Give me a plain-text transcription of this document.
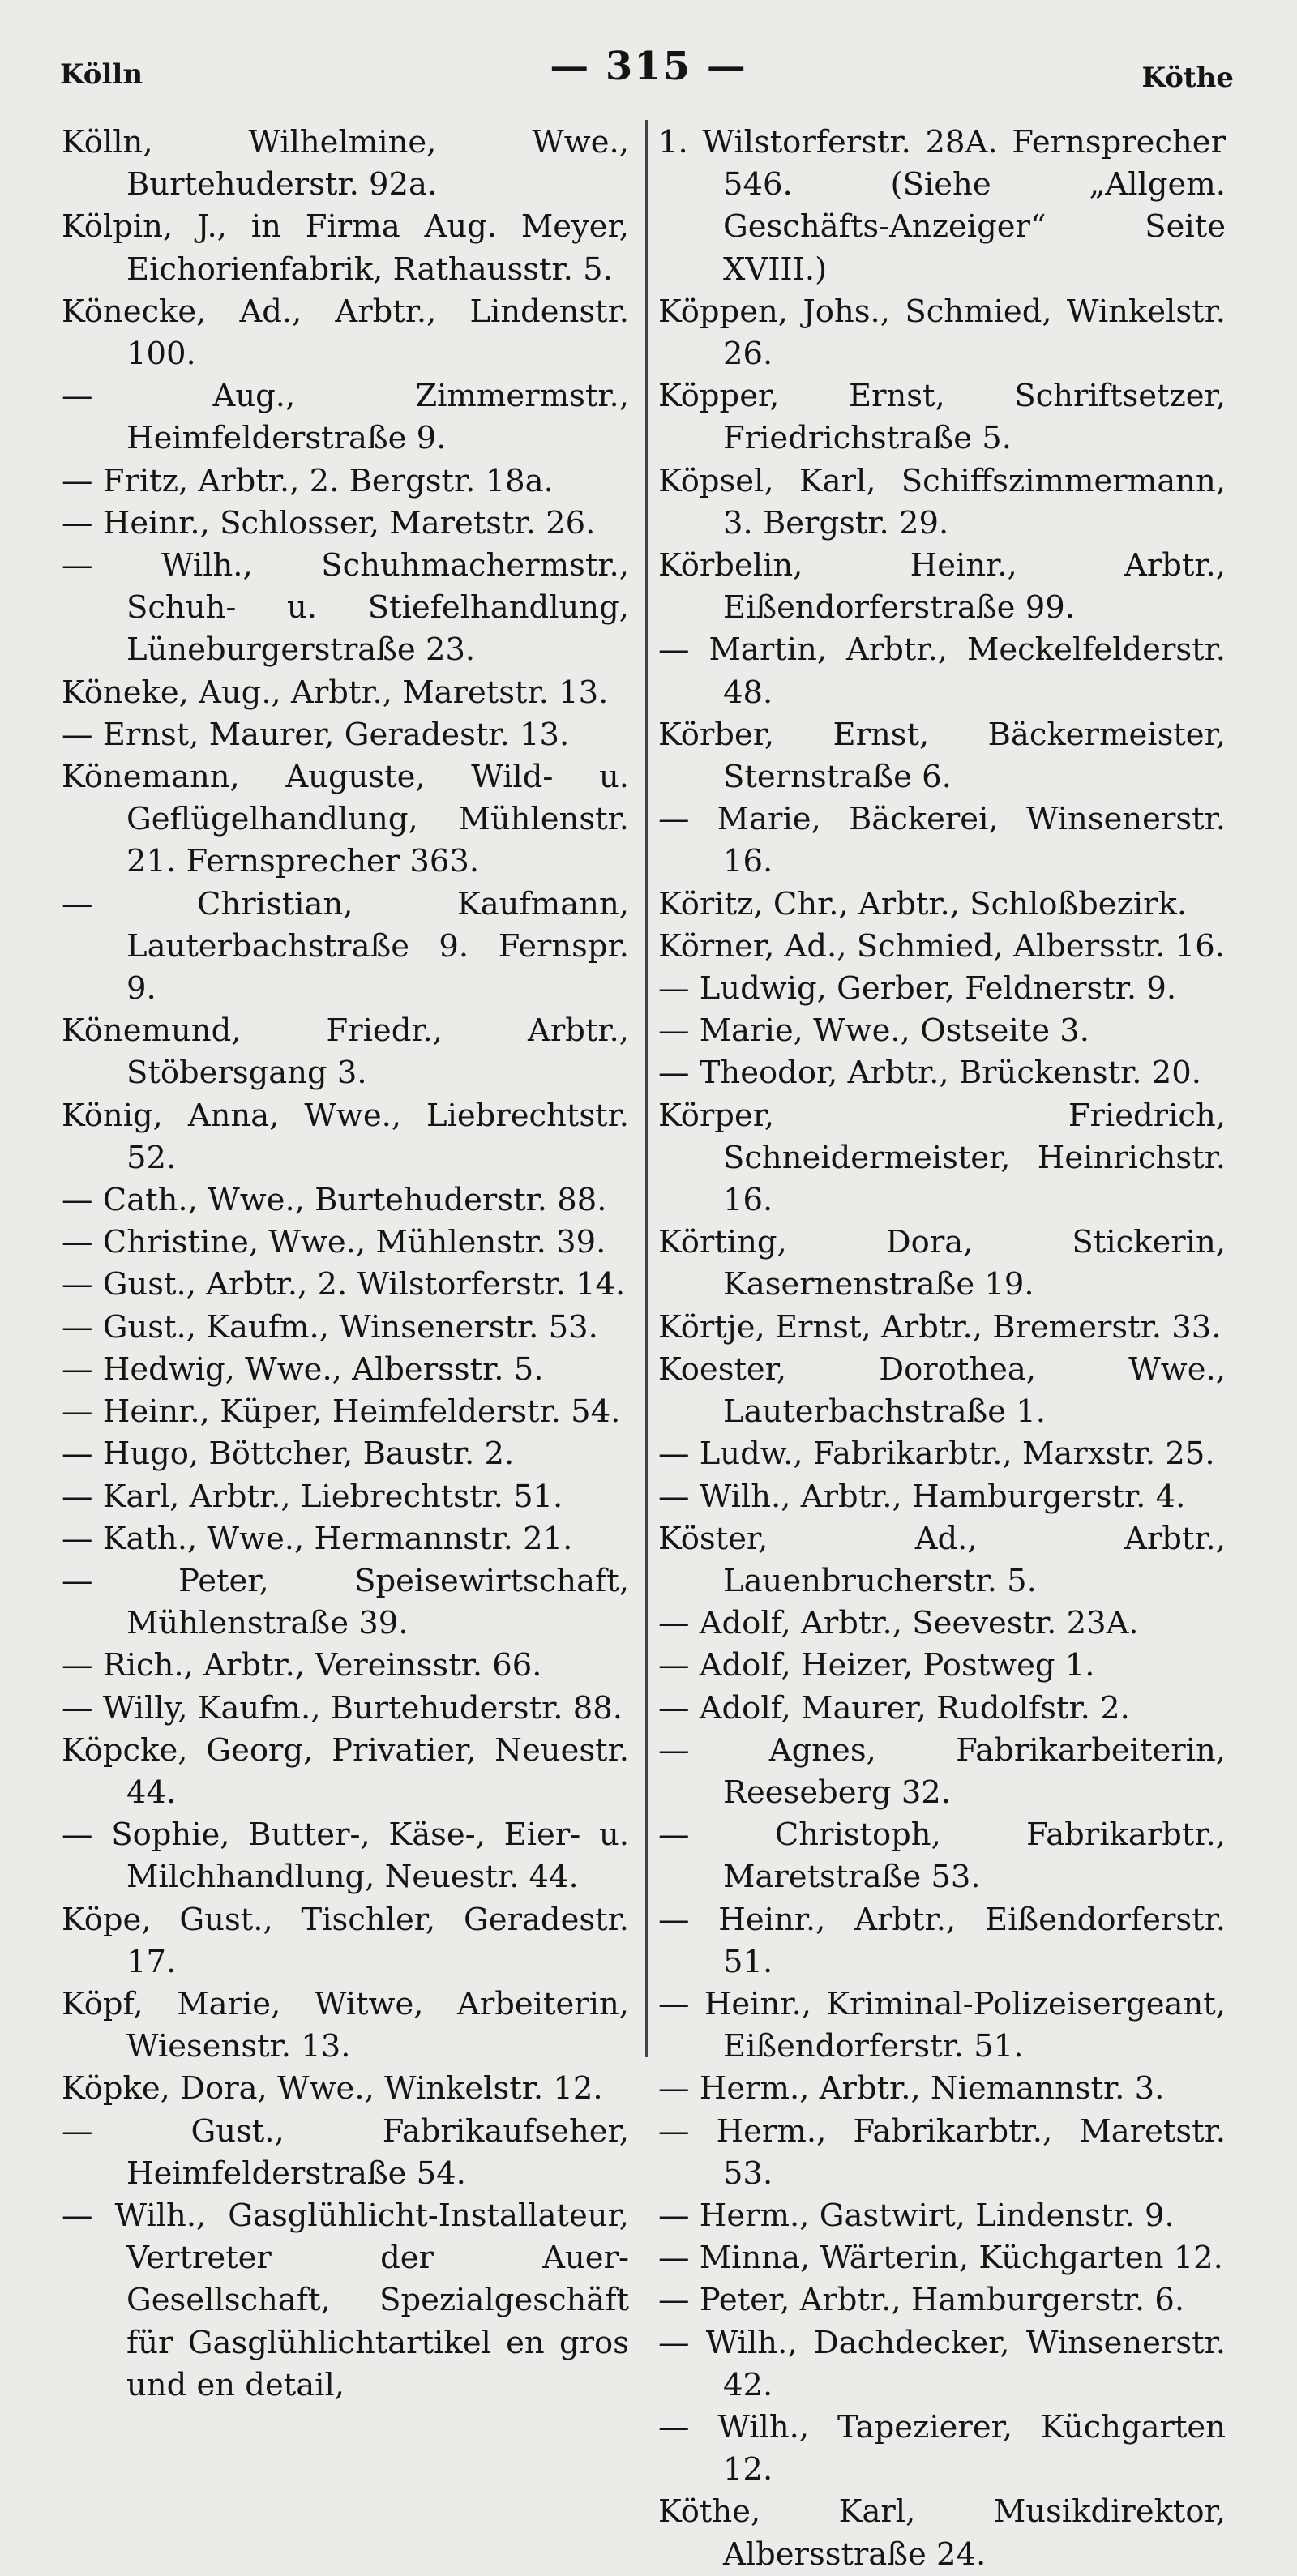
Kölln	— 315 —	Köthe
Kölln, Wilhelmine, Wwe., Burtehuderstr. 92a.
Kölpin, J., in Firma Aug. Meyer, Eichorienfabrik, Rathausstr. 5.
Könecke, Ad., Arbtr., Lindenstr. 100.
— Aug., Zimmermstr., Heimfelderstraße 9.
— Fritz, Arbtr., 2. Bergstr. 18a.
— Heinr., Schlosser, Maretstr. 26.
— Wilh., Schuhmachermstr., Schuh- u. Stiefelhandlung, Lüneburgerstraße 23.
Köneke, Aug., Arbtr., Maretstr. 13.
— Ernst, Maurer, Geradestr. 13.
Könemann, Auguste, Wild- u. Geflügelhandlung, Mühlenstr. 21. Fernsprecher 363.
— Christian, Kaufmann, Lauterbachstraße 9. Fernspr. 9.
Könemund, Friedr., Arbtr., Stöbersgang 3.
König, Anna, Wwe., Liebrechtstr. 52.
— Cath., Wwe., Burtehuderstr. 88.
— Christine, Wwe., Mühlenstr. 39.
— Gust., Arbtr., 2. Wilstorferstr. 14.
— Gust., Kaufm., Winsenerstr. 53.
— Hedwig, Wwe., Albersstr. 5.
— Heinr., Küper, Heimfelderstr. 54.
— Hugo, Böttcher, Baustr. 2.
— Karl, Arbtr., Liebrechtstr. 51.
— Kath., Wwe., Hermannstr. 21.
— Peter, Speisewirtschaft, Mühlenstraße 39.
— Rich., Arbtr., Vereinsstr. 66.
— Willy, Kaufm., Burtehuderstr. 88.
Köpcke, Georg, Privatier, Neuestr. 44.
— Sophie, Butter-, Käse-, Eier- u. Milchhandlung, Neuestr. 44.
Köpe, Gust., Tischler, Geradestr. 17.
Köpf, Marie, Witwe, Arbeiterin, Wiesenstr. 13.
Köpke, Dora, Wwe., Winkelstr. 12.
— Gust., Fabrikaufseher, Heimfelderstraße 54.
— Wilh., Gasglühlicht-Installateur, Vertreter der Auer-Gesellschaft, Spezialgeschäft für Gasglühlichtartikel en gros und en detail,
1. Wilstorferstr. 28A. Fernsprecher 546. (Siehe „Allgem. Geschäfts-Anzeiger“ Seite XVIII.)
Köppen, Johs., Schmied, Winkelstr. 26.
Köpper, Ernst, Schriftsetzer, Friedrichstraße 5.
Köpsel, Karl, Schiffszimmermann, 3. Bergstr. 29.
Körbelin, Heinr., Arbtr., Eißendorferstraße 99.
— Martin, Arbtr., Meckelfelderstr. 48.
Körber, Ernst, Bäckermeister, Sternstraße 6.
— Marie, Bäckerei, Winsenerstr. 16.
Köritz, Chr., Arbtr., Schloßbezirk.
Körner, Ad., Schmied, Albersstr. 16.
— Ludwig, Gerber, Feldnerstr. 9.
— Marie, Wwe., Ostseite 3.
— Theodor, Arbtr., Brückenstr. 20.
Körper, Friedrich, Schneidermeister, Heinrichstr. 16.
Körting, Dora, Stickerin, Kasernenstraße 19.
Körtje, Ernst, Arbtr., Bremerstr. 33.
Koester, Dorothea, Wwe., Lauterbachstraße 1.
— Ludw., Fabrikarbtr., Marxstr. 25.
— Wilh., Arbtr., Hamburgerstr. 4.
Köster, Ad., Arbtr., Lauenbrucherstr. 5.
— Adolf, Arbtr., Seevestr. 23A.
— Adolf, Heizer, Postweg 1.
— Adolf, Maurer, Rudolfstr. 2.
— Agnes, Fabrikarbeiterin, Reeseberg 32.
— Christoph, Fabrikarbtr., Maretstraße 53.
— Heinr., Arbtr., Eißendorferstr. 51.
— Heinr., Kriminal-Polizeisergeant, Eißendorferstr. 51.
— Herm., Arbtr., Niemannstr. 3.
— Herm., Fabrikarbtr., Maretstr. 53.
— Herm., Gastwirt, Lindenstr. 9.
— Minna, Wärterin, Küchgarten 12.
— Peter, Arbtr., Hamburgerstr. 6.
— Wilh., Dachdecker, Winsenerstr. 42.
— Wilh., Tapezierer, Küchgarten 12.
Köthe, Karl, Musikdirektor, Albersstraße 24.
